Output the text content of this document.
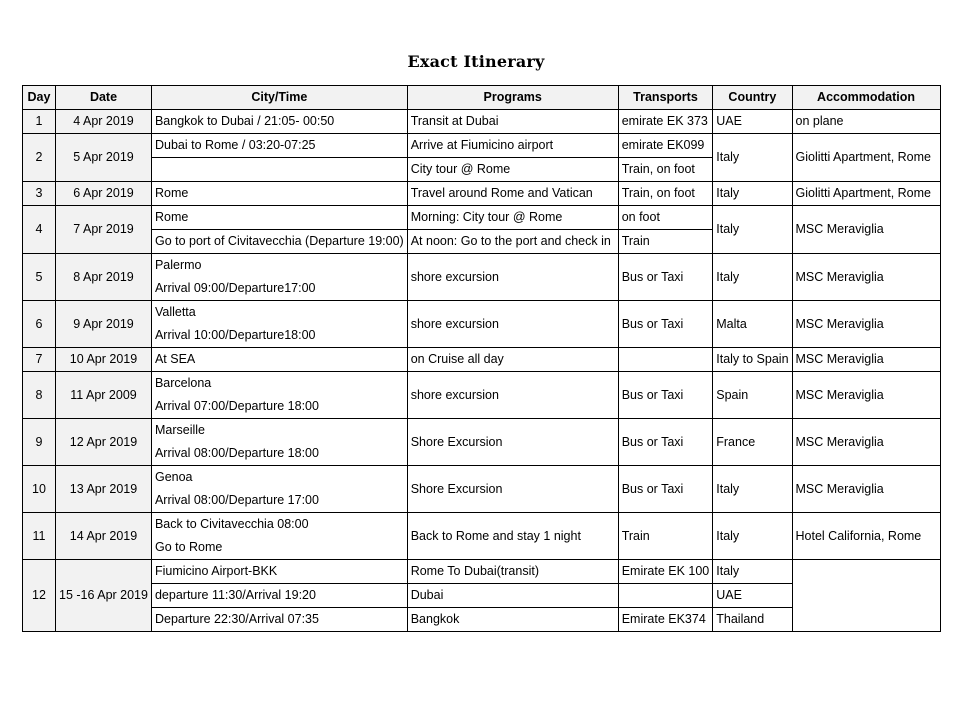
Exact Itinerary
Day	Date	City/Time	Programs	Transports	Country	Accommodation
1	4 Apr 2019	Bangkok to Dubai / 21:05- 00:50	Transit at Dubai	emirate EK 373	UAE	on plane
2	5 Apr 2019	Dubai to Rome / 03:20-07:25	Arrive at Fiumicino airport	emirate EK099	Italy	Giolitti Apartment, Rome
			City tour @ Rome	Train, on foot		
3	6 Apr 2019	Rome	Travel around Rome and Vatican	Train, on foot	Italy	Giolitti Apartment, Rome
4	7 Apr 2019	Rome	Morning: City tour @ Rome	on foot	Italy	MSC Meraviglia
		Go to port of Civitavecchia (Departure 19:00)	At noon: Go to the port and check in	Train		
5	8 Apr 2019	Palermo	shore excursion	Bus or Taxi	Italy	MSC Meraviglia
		Arrival 09:00/Departure17:00				
6	9 Apr 2019	Valletta	shore excursion	Bus or Taxi	Malta	MSC Meraviglia
		Arrival 10:00/Departure18:00				
7	10 Apr 2019	At SEA	on Cruise all day		Italy to Spain	MSC Meraviglia
8	11 Apr 2009	Barcelona	shore excursion	Bus or Taxi	Spain	MSC Meraviglia
		Arrival 07:00/Departure 18:00				
9	12 Apr 2019	Marseille	Shore Excursion	Bus or Taxi	France	MSC Meraviglia
		Arrival 08:00/Departure 18:00				
10	13 Apr 2019	Genoa	Shore Excursion	Bus or Taxi	Italy	MSC Meraviglia
		Arrival 08:00/Departure 17:00				
11	14 Apr 2019	Back to Civitavecchia 08:00	Back to Rome and stay 1 night	Train	Italy	Hotel California, Rome
		Go to Rome				
12	15 -16 Apr 2019	Fiumicino Airport-BKK	Rome To Dubai(transit)	Emirate EK 100	Italy	
		departure 11:30/Arrival 19:20	Dubai		UAE	
		Departure 22:30/Arrival 07:35	Bangkok	Emirate EK374	Thailand	
